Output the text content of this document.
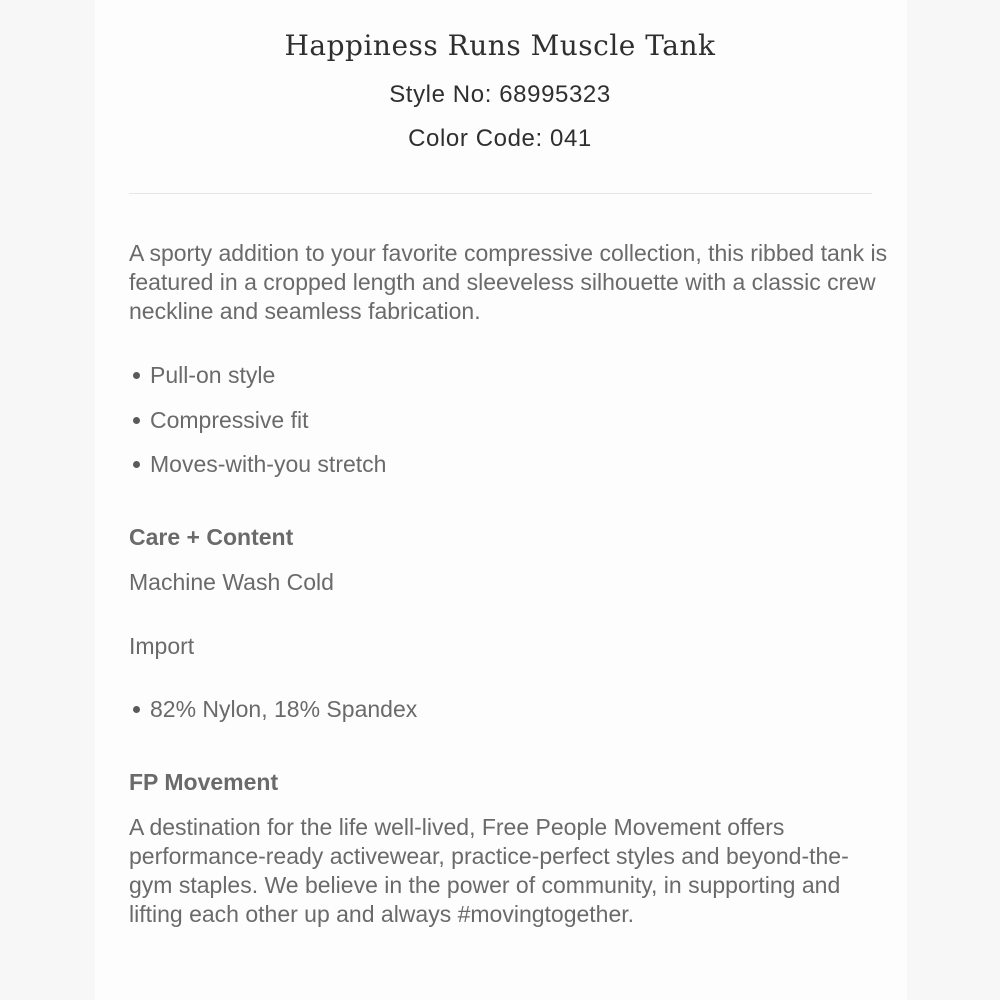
Happiness Runs Muscle Tank
Style No: 68995323
Color Code: 041
A sporty addition to your favorite compressive collection, this ribbed tank is featured in a cropped length and sleeveless silhouette with a classic crew neckline and seamless fabrication.
Pull-on style
Compressive fit
Moves-with-you stretch
Care + Content
Machine Wash Cold
Import
82% Nylon, 18% Spandex
FP Movement
A destination for the life well-lived, Free People Movement offers performance-ready activewear, practice-perfect styles and beyond-the-gym staples. We believe in the power of community, in supporting and lifting each other up and always #movingtogether.
